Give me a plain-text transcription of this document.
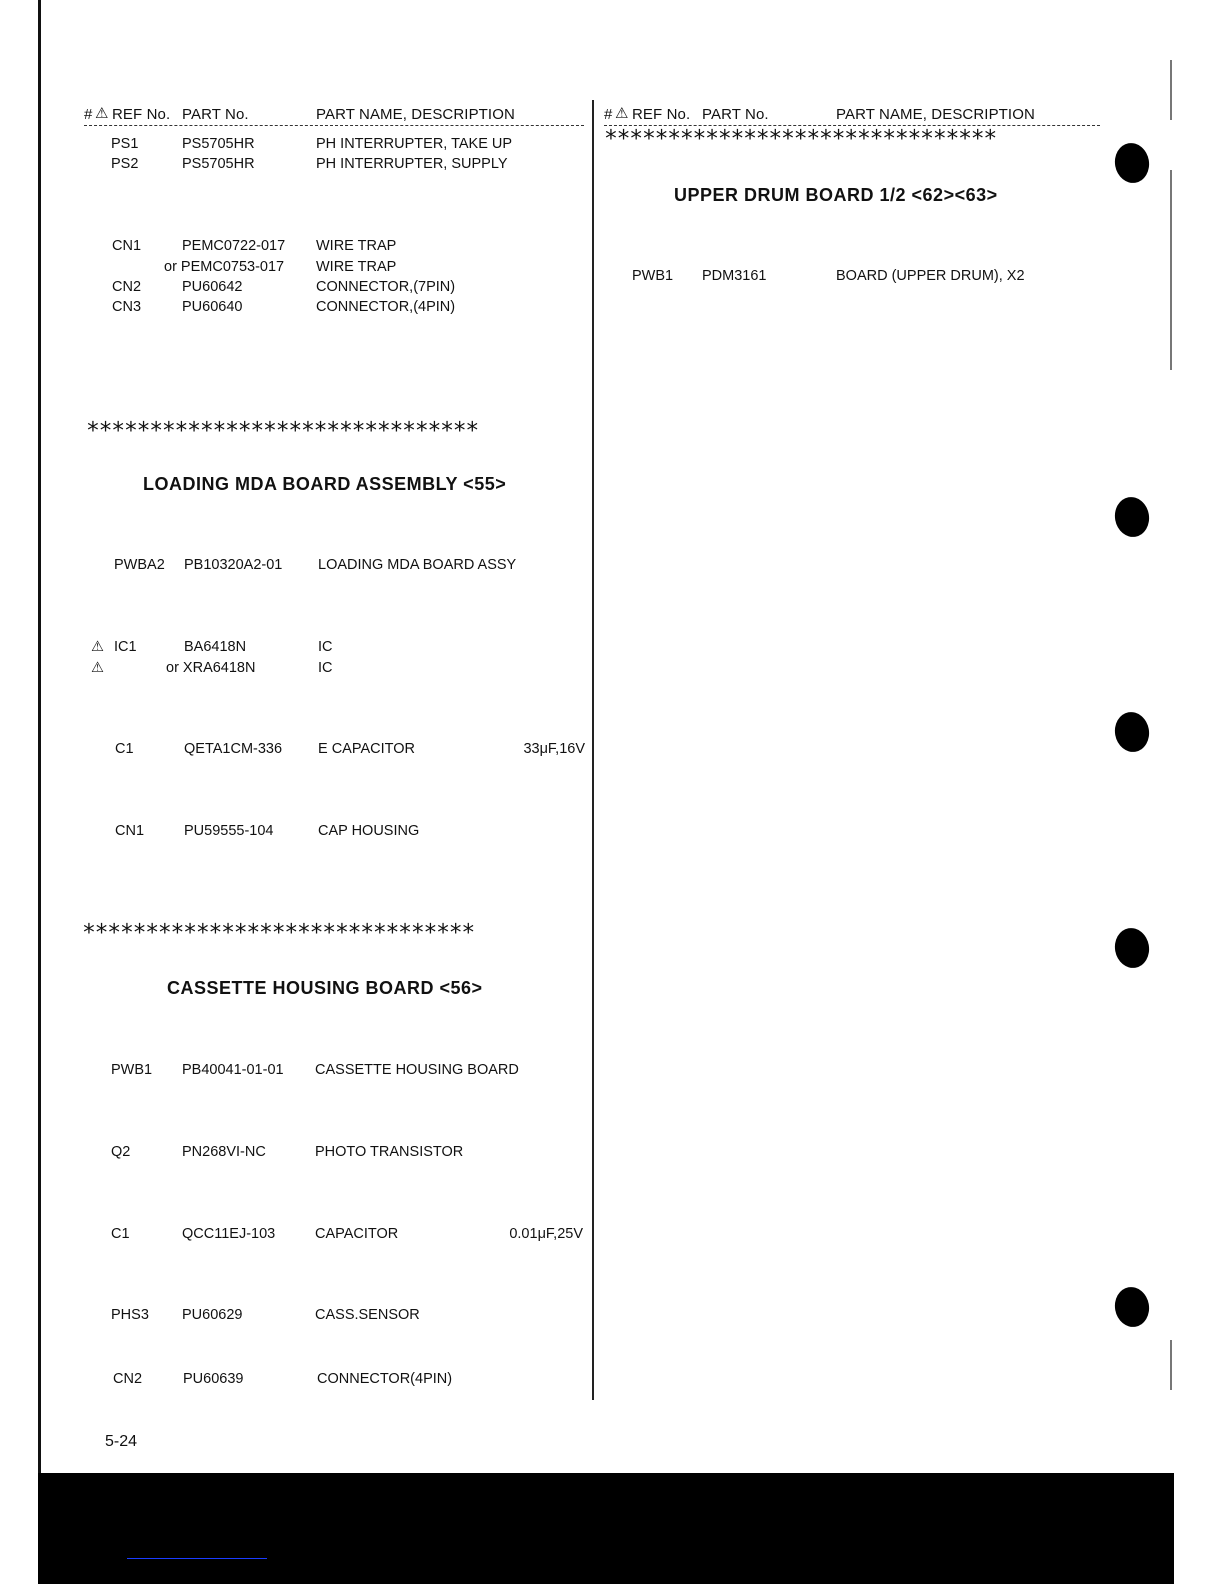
# ⚠ REF No. PART No.	PART NAME, DESCRIPTION	# ⚠ REF No. PART No.	PART NAME, DESCRIPTION
*******************************
UPPER DRUM BOARD 1/2 <62><63>
PWB1 PDM3161	BOARD (UPPER DRUM), X2
PS1	PS5705HR	PH INTERRUPTER, TAKE UP
PS2	PS5705HR	PH INTERRUPTER, SUPPLY
CN1	PEMC0722-017 WIRE TRAP
or PEMC0753-017 WIRE TRAP
CN2	PU60642	CONNECTOR,(7PIN)
CN3	PU60640	CONNECTOR,(4PIN)
*******************************
LOADING MDA BOARD ASSEMBLY <55>
PWBA2 PB10320A2-01 LOADING MDA BOARD ASSY
⚠ IC1	BA6418N	IC
⚠	or XRA6418N	IC
C1	QETA1CM-336 E CAPACITOR	33μF,16V
CN1	PU59555-104	CAP HOUSING
*******************************
CASSETTE HOUSING BOARD <56>
PWB1 PB40041-01-01 CASSETTE HOUSING BOARD
Q2	PN268VI-NC	PHOTO TRANSISTOR
C1	QCC11EJ-103	CAPACITOR	0.01μF,25V
PHS3 PU60629	CASS.SENSOR
CN2	PU60639	CONNECTOR(4PIN)
5-24
